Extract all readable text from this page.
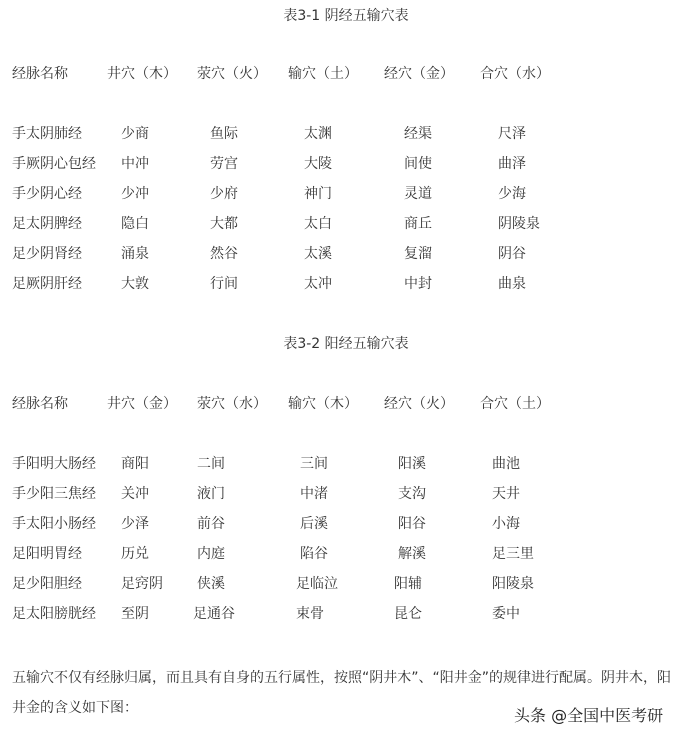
表3-1 阴经五输穴表
经脉名称	井穴（木） 荥穴（火） 输穴（土） 经穴（金） 合穴（水）
手太阴肺经	少商	鱼际	太渊	经渠	尺泽
手厥阴心包经 中冲	劳宫	大陵	间使	曲泽
手少阴心经	少冲	少府	神门	灵道	少海
足太阴脾经	隐白	大都	太白	商丘	阴陵泉
足少阴肾经	涌泉	然谷	太溪	复溜	阴谷
足厥阴肝经	大敦	行间	太冲	中封	曲泉
表3-2 阳经五输穴表
经脉名称	井穴（金） 荥穴（水） 输穴（木） 经穴（火） 合穴（土）
手阳明大肠经 商阳	二间	三间	阳溪	曲池
手少阳三焦经 关冲	液门	中渚	支沟	天井
手太阳小肠经 少泽	前谷	后溪	阳谷	小海
足阳明胃经	历兑	内庭	陷谷	解溪	足三里
足少阳胆经	足窍阴 侠溪	足临泣	阳辅	阳陵泉
足太阳膀胱经 至阴	足通谷	束骨	昆仑	委中

五输穴不仅有经脉归属，而且具有自身的五行属性，按照“阴井木”、“阳井金”的规律进行配属。阴井木，阳井金的含义如下图：	头条 @全国中医考研
